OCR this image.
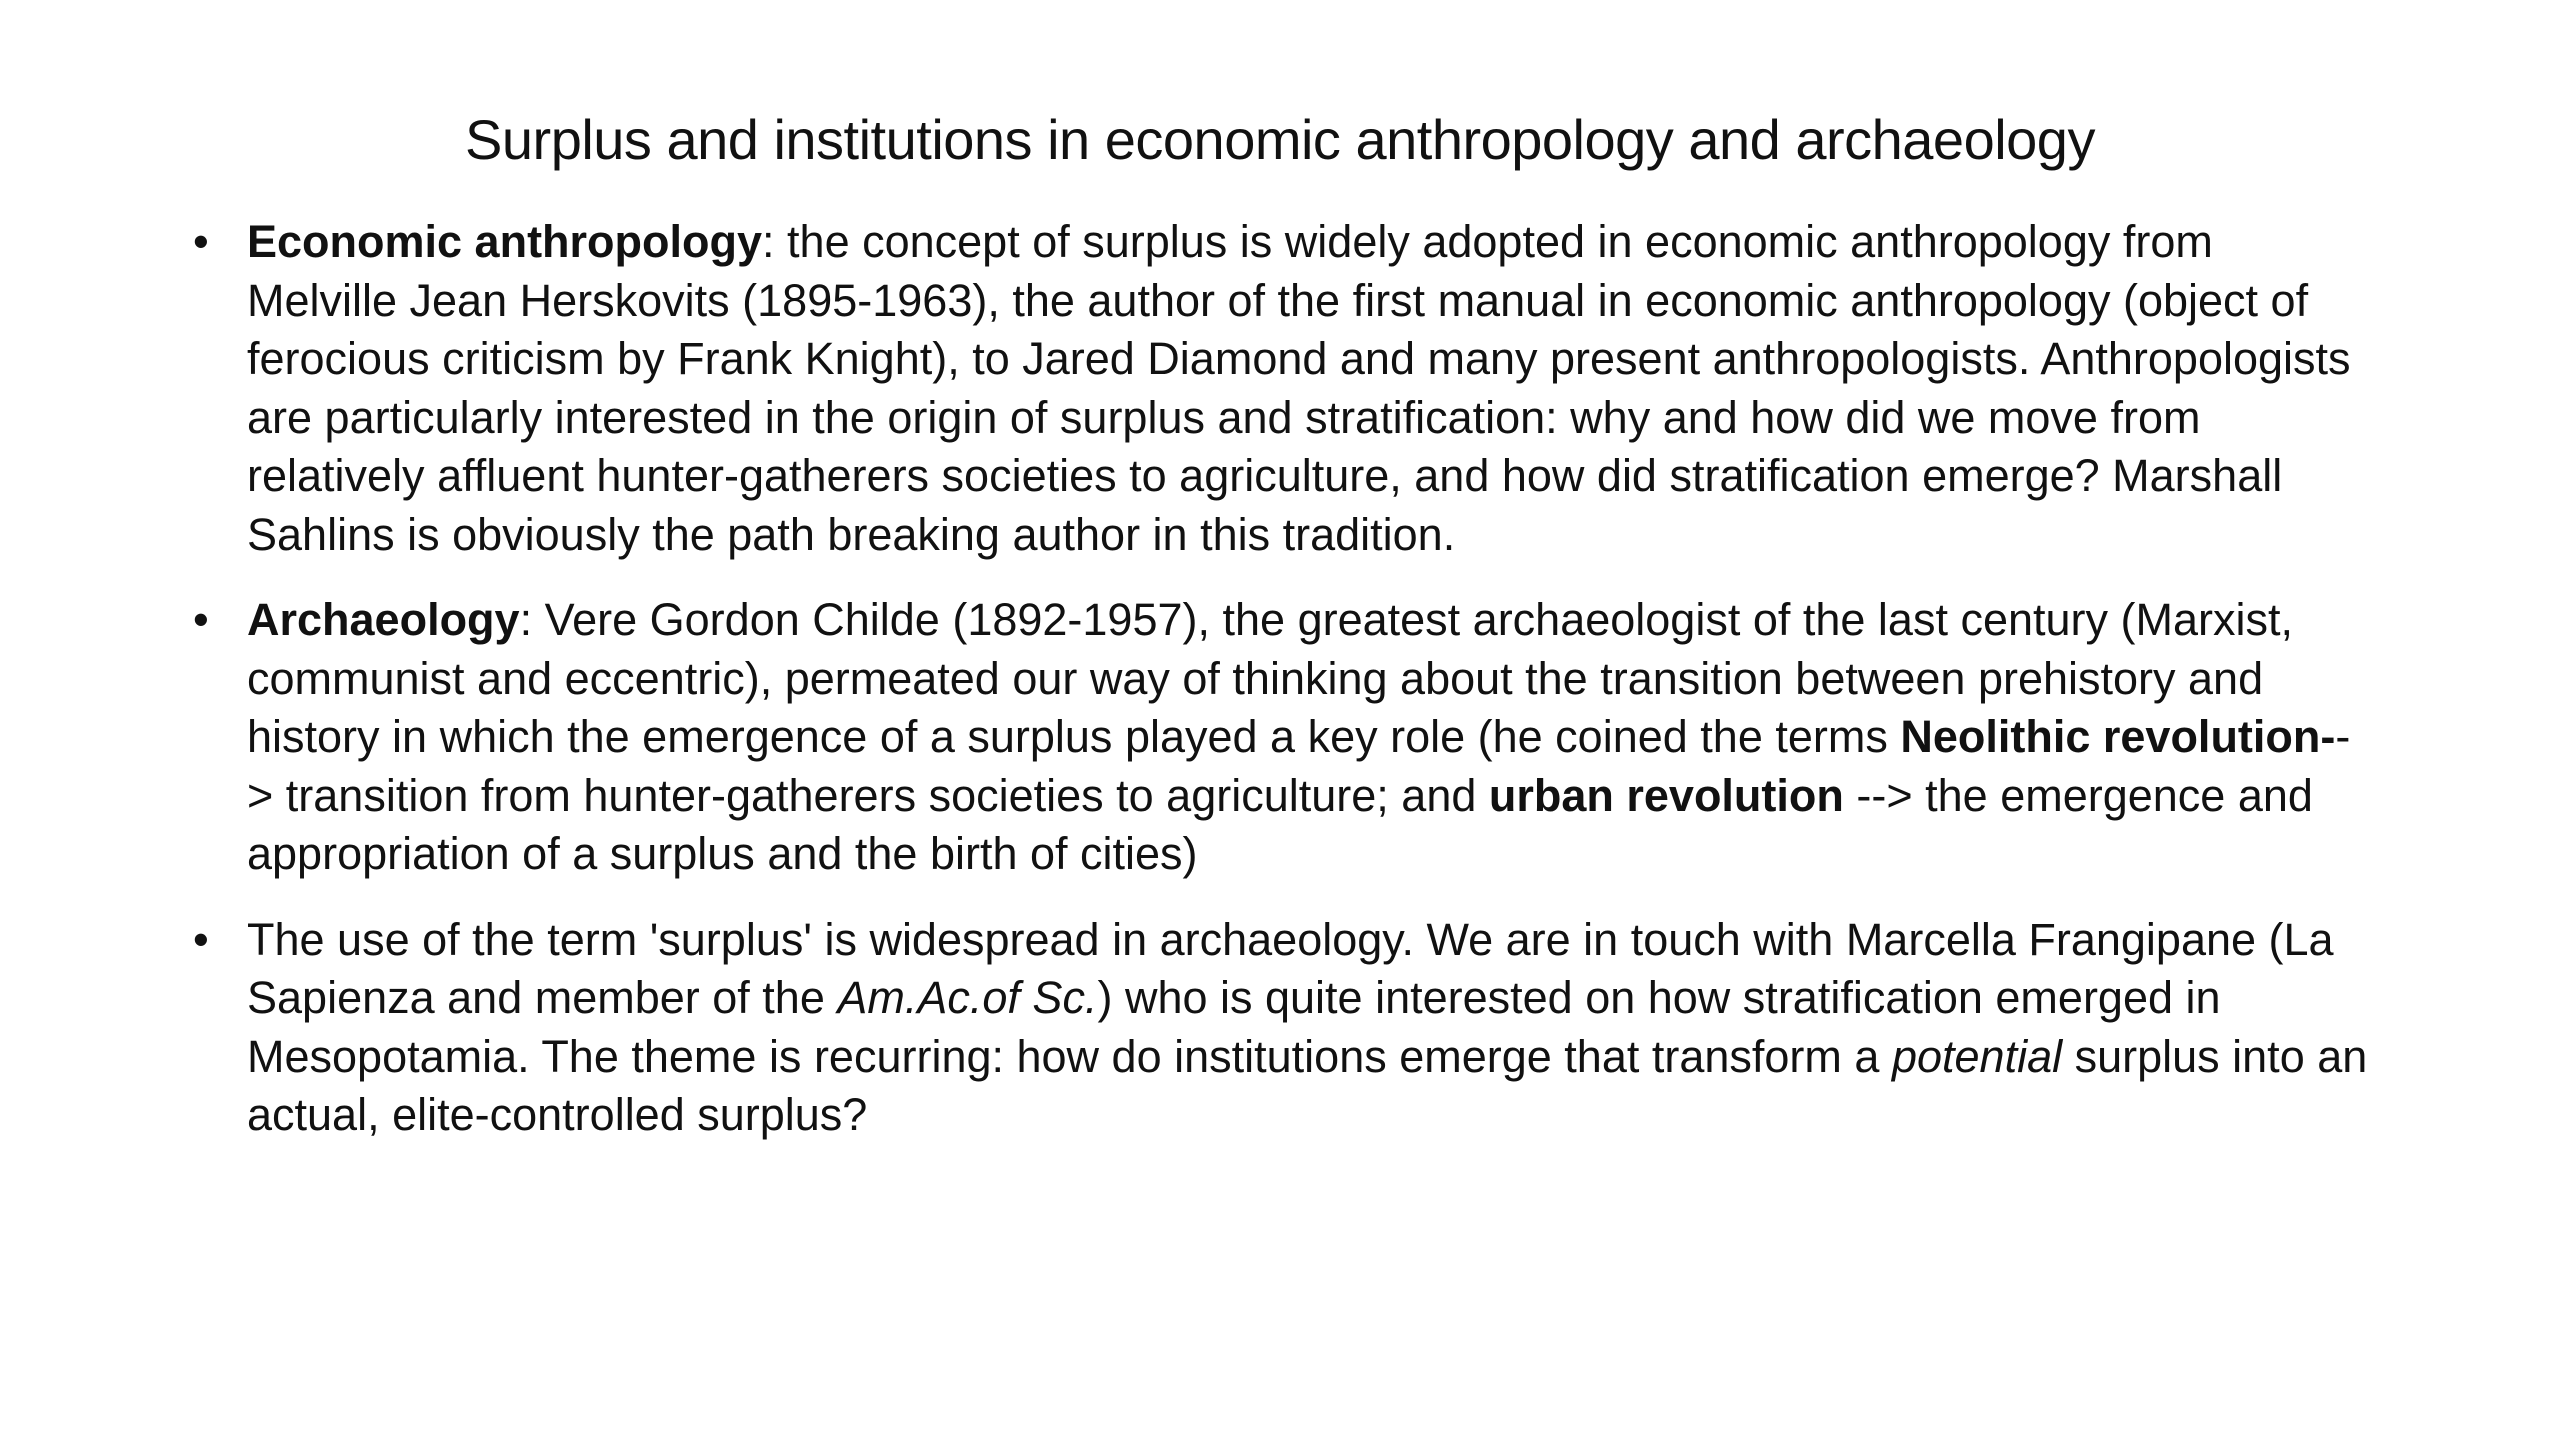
Surplus and institutions in economic anthropology and archaeology
• Economic anthropology: the concept of surplus is widely adopted in economic anthropology from Melville Jean Herskovits (1895-1963), the author of the first manual in economic anthropology (object of ferocious criticism by Frank Knight), to Jared Diamond and many present anthropologists. Anthropologists are particularly interested in the origin of surplus and stratification: why and how did we move from relatively affluent hunter-gatherers societies to agriculture, and how did stratification emerge? Marshall Sahlins is obviously the path breaking author in this tradition.
• Archaeology: Vere Gordon Childe (1892-1957), the greatest archaeologist of the last century (Marxist, communist and eccentric), permeated our way of thinking about the transition between prehistory and history in which the emergence of a surplus played a key role (he coined the terms Neolithic revolution--> transition from hunter-gatherers societies to agriculture; and urban revolution --> the emergence and appropriation of a surplus and the birth of cities)
• The use of the term 'surplus' is widespread in archaeology. We are in touch with Marcella Frangipane (La Sapienza and member of the Am.Ac.of Sc.) who is quite interested on how stratification emerged in Mesopotamia. The theme is recurring: how do institutions emerge that transform a potential surplus into an actual, elite-controlled surplus?
